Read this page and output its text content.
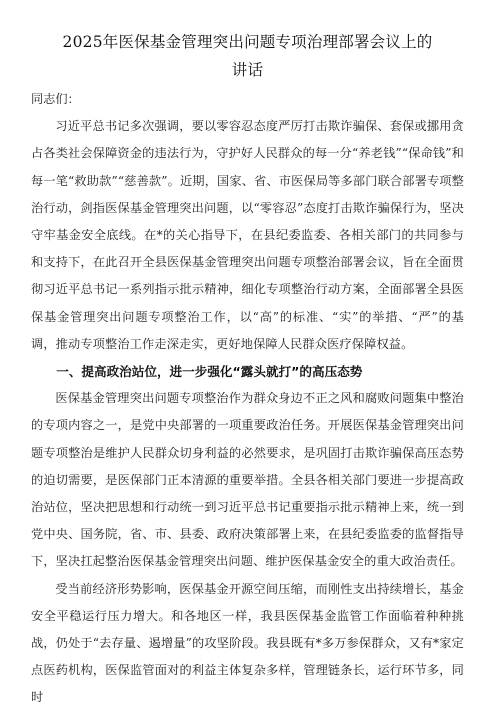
2025年医保基金管理突出问题专项治理部署会议上的
讲话

同志们：

习近平总书记多次强调，要以零容忍态度严厉打击欺诈骗保、套保或挪用贪占各类社会保障资金的违法行为，守护好人民群众的每一分“养老钱”“保命钱”和每一笔“救助款”“慈善款”。近期，国家、省、市医保局等多部门联合部署专项整治行动，剑指医保基金管理突出问题，以“零容忍”态度打击欺诈骗保行为，坚决守牢基金安全底线。在*的关心指导下，在县纪委监委、各相关部门的共同参与和支持下，在此召开全县医保基金管理突出问题专项整治部署会议，旨在全面贯彻习近平总书记一系列指示批示精神，细化专项整治行动方案，全面部署全县医保基金管理突出问题专项整治工作，以“高”的标准、“实”的举措、“严”的基调，推动专项整治工作走深走实，更好地保障人民群众医疗保障权益。

一、提高政治站位，进一步强化“露头就打”的高压态势

医保基金管理突出问题专项整治作为群众身边不正之风和腐败问题集中整治的专项内容之一，是党中央部署的一项重要政治任务。开展医保基金管理突出问题专项整治是维护人民群众切身利益的必然要求，是巩固打击欺诈骗保高压态势的迫切需要，是医保部门正本清源的重要举措。全县各相关部门要进一步提高政治站位，坚决把思想和行动统一到习近平总书记重要指示批示精神上来，统一到党中央、国务院，省、市、县委、政府决策部署上来，在县纪委监委的监督指导下，坚决扛起整治医保基金管理突出问题、维护医保基金安全的重大政治责任。

受当前经济形势影响，医保基金开源空间压缩，而刚性支出持续增长，基金安全平稳运行压力增大。和各地区一样，我县医保基金监管工作面临着种种挑战，仍处于“去存量、遏增量”的攻坚阶段。我县既有*多万参保群众，又有*家定点医药机构，医保监管面对的利益主体复杂多样，管理链条长，运行环节多，同时
